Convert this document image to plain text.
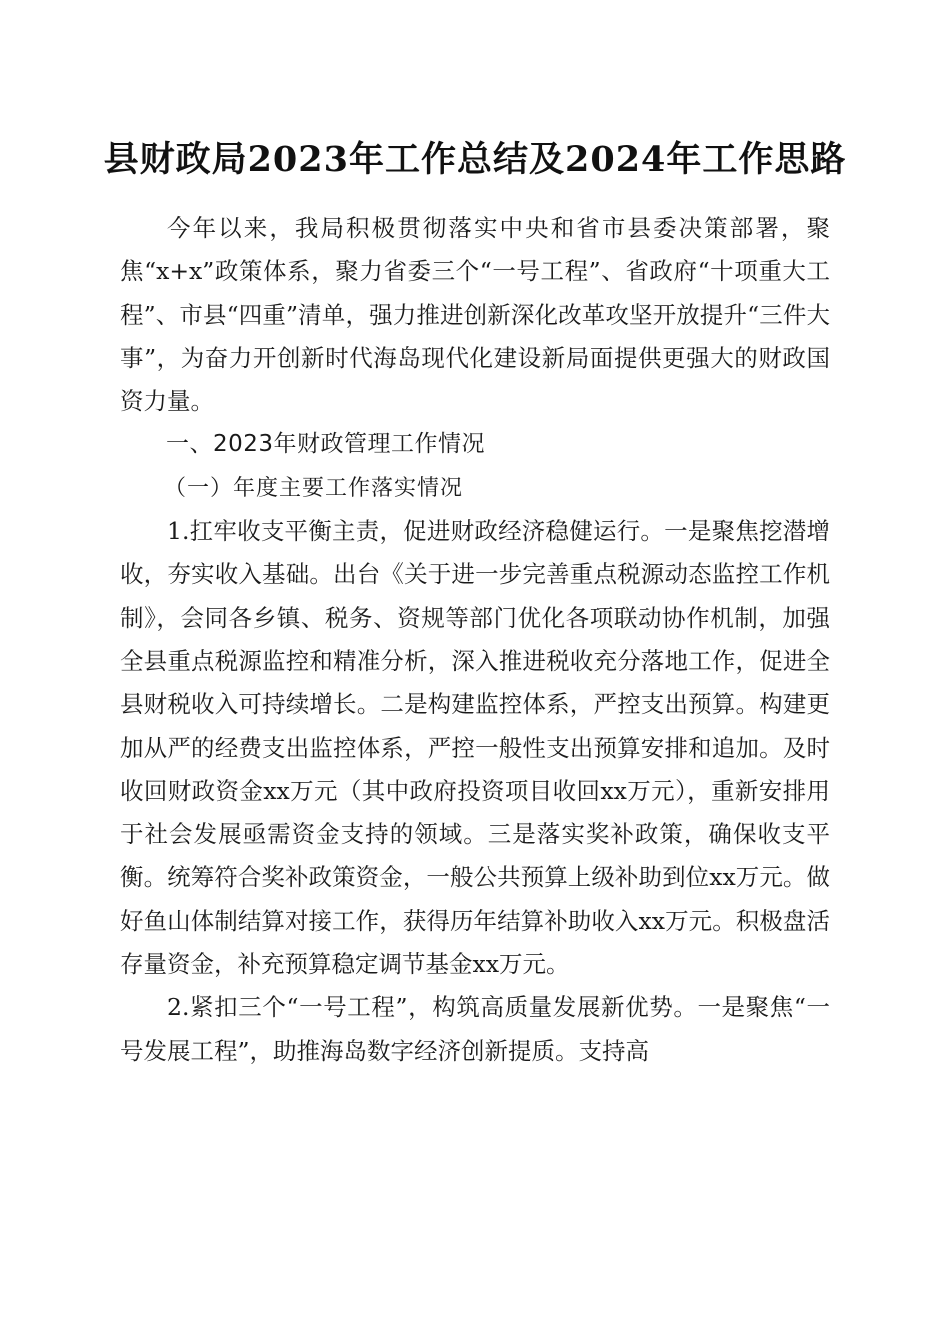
县财政局2023年工作总结及2024年工作思路

今年以来，我局积极贯彻落实中央和省市县委决策部署，聚焦“x+x”政策体系，聚力省委三个“一号工程”、省政府“十项重大工程”、市县“四重”清单，强力推进创新深化改革攻坚开放提升“三件大事”，为奋力开创新时代海岛现代化建设新局面提供更强大的财政国资力量。

一、2023年财政管理工作情况

（一）年度主要工作落实情况

1.扛牢收支平衡主责，促进财政经济稳健运行。一是聚焦挖潜增收，夯实收入基础。出台《关于进一步完善重点税源动态监控工作机制》，会同各乡镇、税务、资规等部门优化各项联动协作机制，加强全县重点税源监控和精准分析，深入推进税收充分落地工作，促进全县财税收入可持续增长。二是构建监控体系，严控支出预算。构建更加从严的经费支出监控体系，严控一般性支出预算安排和追加。及时收回财政资金xx万元（其中政府投资项目收回xx万元），重新安排用于社会发展亟需资金支持的领域。三是落实奖补政策，确保收支平衡。统筹符合奖补政策资金，一般公共预算上级补助到位xx万元。做好鱼山体制结算对接工作，获得历年结算补助收入xx万元。积极盘活存量资金，补充预算稳定调节基金xx万元。

2.紧扣三个“一号工程”，构筑高质量发展新优势。一是聚焦“一号发展工程”，助推海岛数字经济创新提质。支持高
